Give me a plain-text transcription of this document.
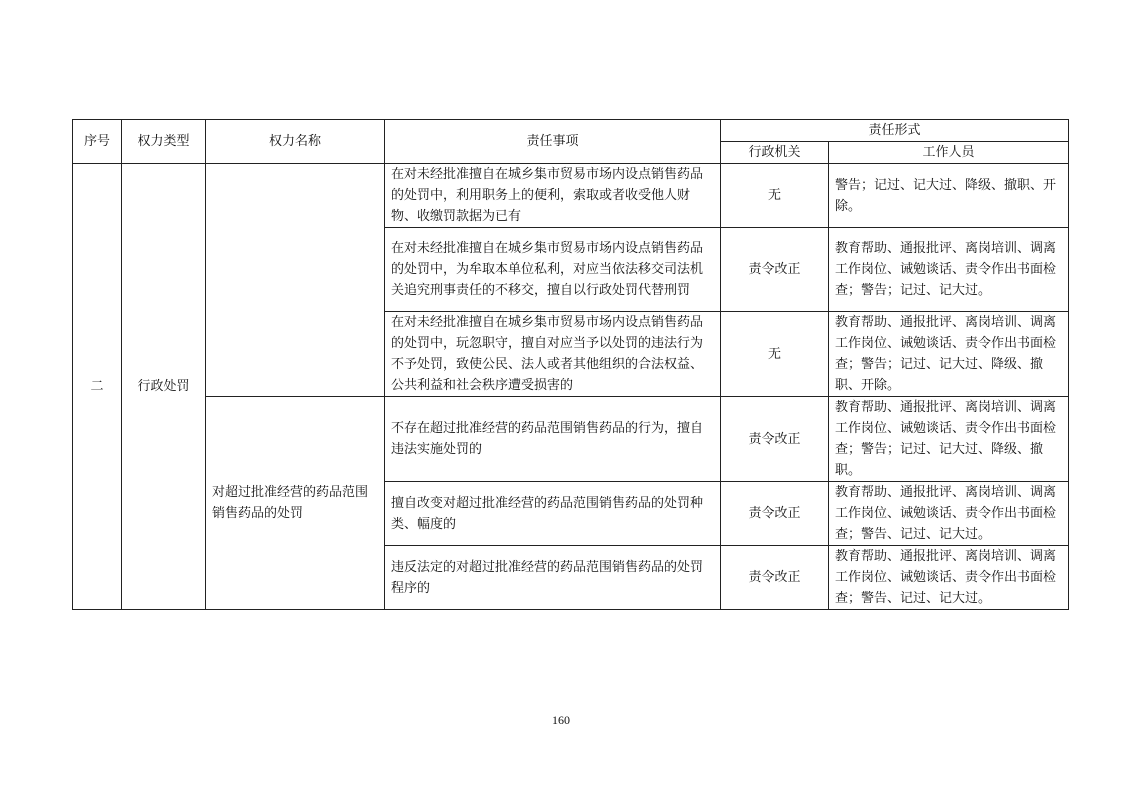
序号	权力类型	权力名称	责任事项	责任形式	
				行政机关	工作人员
二	行政处罚		在对未经批准擅自在城乡集市贸易市场内设点销售药品的处罚中，利用职务上的便利，索取或者收受他人财物、收缴罚款据为已有	无	警告；记过、记大过、降级、撤职、开除。
			在对未经批准擅自在城乡集市贸易市场内设点销售药品的处罚中，为牟取本单位私利，对应当依法移交司法机关追究刑事责任的不移交，擅自以行政处罚代替刑罚	责令改正	教育帮助、通报批评、离岗培训、调离工作岗位、诫勉谈话、责令作出书面检查；警告；记过、记大过。
			在对未经批准擅自在城乡集市贸易市场内设点销售药品的处罚中，玩忽职守，擅自对应当予以处罚的违法行为不予处罚，致使公民、法人或者其他组织的合法权益、公共利益和社会秩序遭受损害的	无	教育帮助、通报批评、离岗培训、调离工作岗位、诫勉谈话、责令作出书面检查；警告；记过、记大过、降级、撤职、开除。
		对超过批准经营的药品范围销售药品的处罚	不存在超过批准经营的药品范围销售药品的行为，擅自违法实施处罚的	责令改正	教育帮助、通报批评、离岗培训、调离工作岗位、诫勉谈话、责令作出书面检查；警告；记过、记大过、降级、撤职。
			擅自改变对超过批准经营的药品范围销售药品的处罚种类、幅度的	责令改正	教育帮助、通报批评、离岗培训、调离工作岗位、诫勉谈话、责令作出书面检查；警告、记过、记大过。
			违反法定的对超过批准经营的药品范围销售药品的处罚程序的	责令改正	教育帮助、通报批评、离岗培训、调离工作岗位、诫勉谈话、责令作出书面检查；警告、记过、记大过。
160
